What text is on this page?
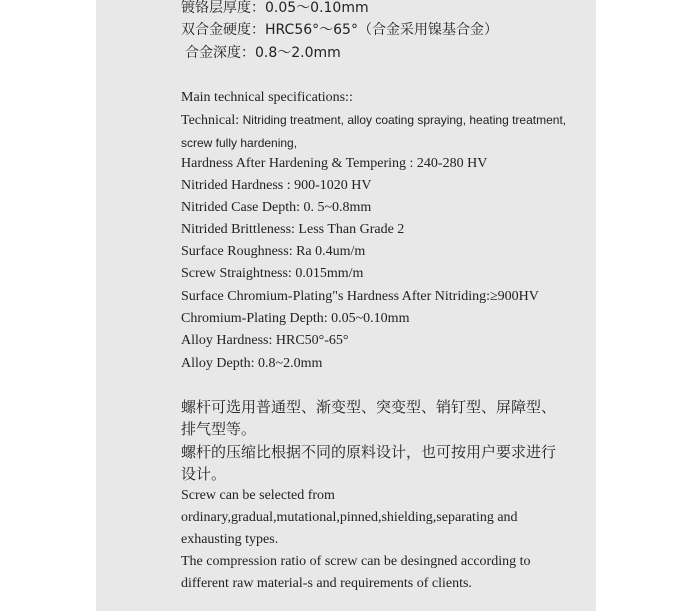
镀铬层厚度：0.05～0.10mm
双合金硬度：HRC56°～65°（合金采用镍基合金）
合金深度：0.8～2.0mm
Main technical specifications::
Technical: Nitriding treatment, alloy coating spraying, heating treatment,
screw fully hardening,
Hardness After Hardening & Tempering : 240-280 HV
Nitrided Hardness : 900-1020 HV
Nitrided Case Depth: 0. 5~0.8mm
Nitrided Brittleness: Less Than Grade 2
Surface Roughness: Ra 0.4um/m
Screw Straightness: 0.015mm/m
Surface Chromium-Plating"s Hardness After Nitriding:≥900HV
Chromium-Plating Depth: 0.05~0.10mm
Alloy Hardness: HRC50°-65°
Alloy Depth: 0.8~2.0mm
螺杆可选用普通型、渐变型、突变型、销钉型、屏障型、
排气型等。
螺杆的压缩比根据不同的原料设计，也可按用户要求进行
设计。
Screw can be selected from
ordinary,gradual,mutational,pinned,shielding,separating and
exhausting types.
The compression ratio of screw can be desingned according to
different raw material-s and requirements of clients.
